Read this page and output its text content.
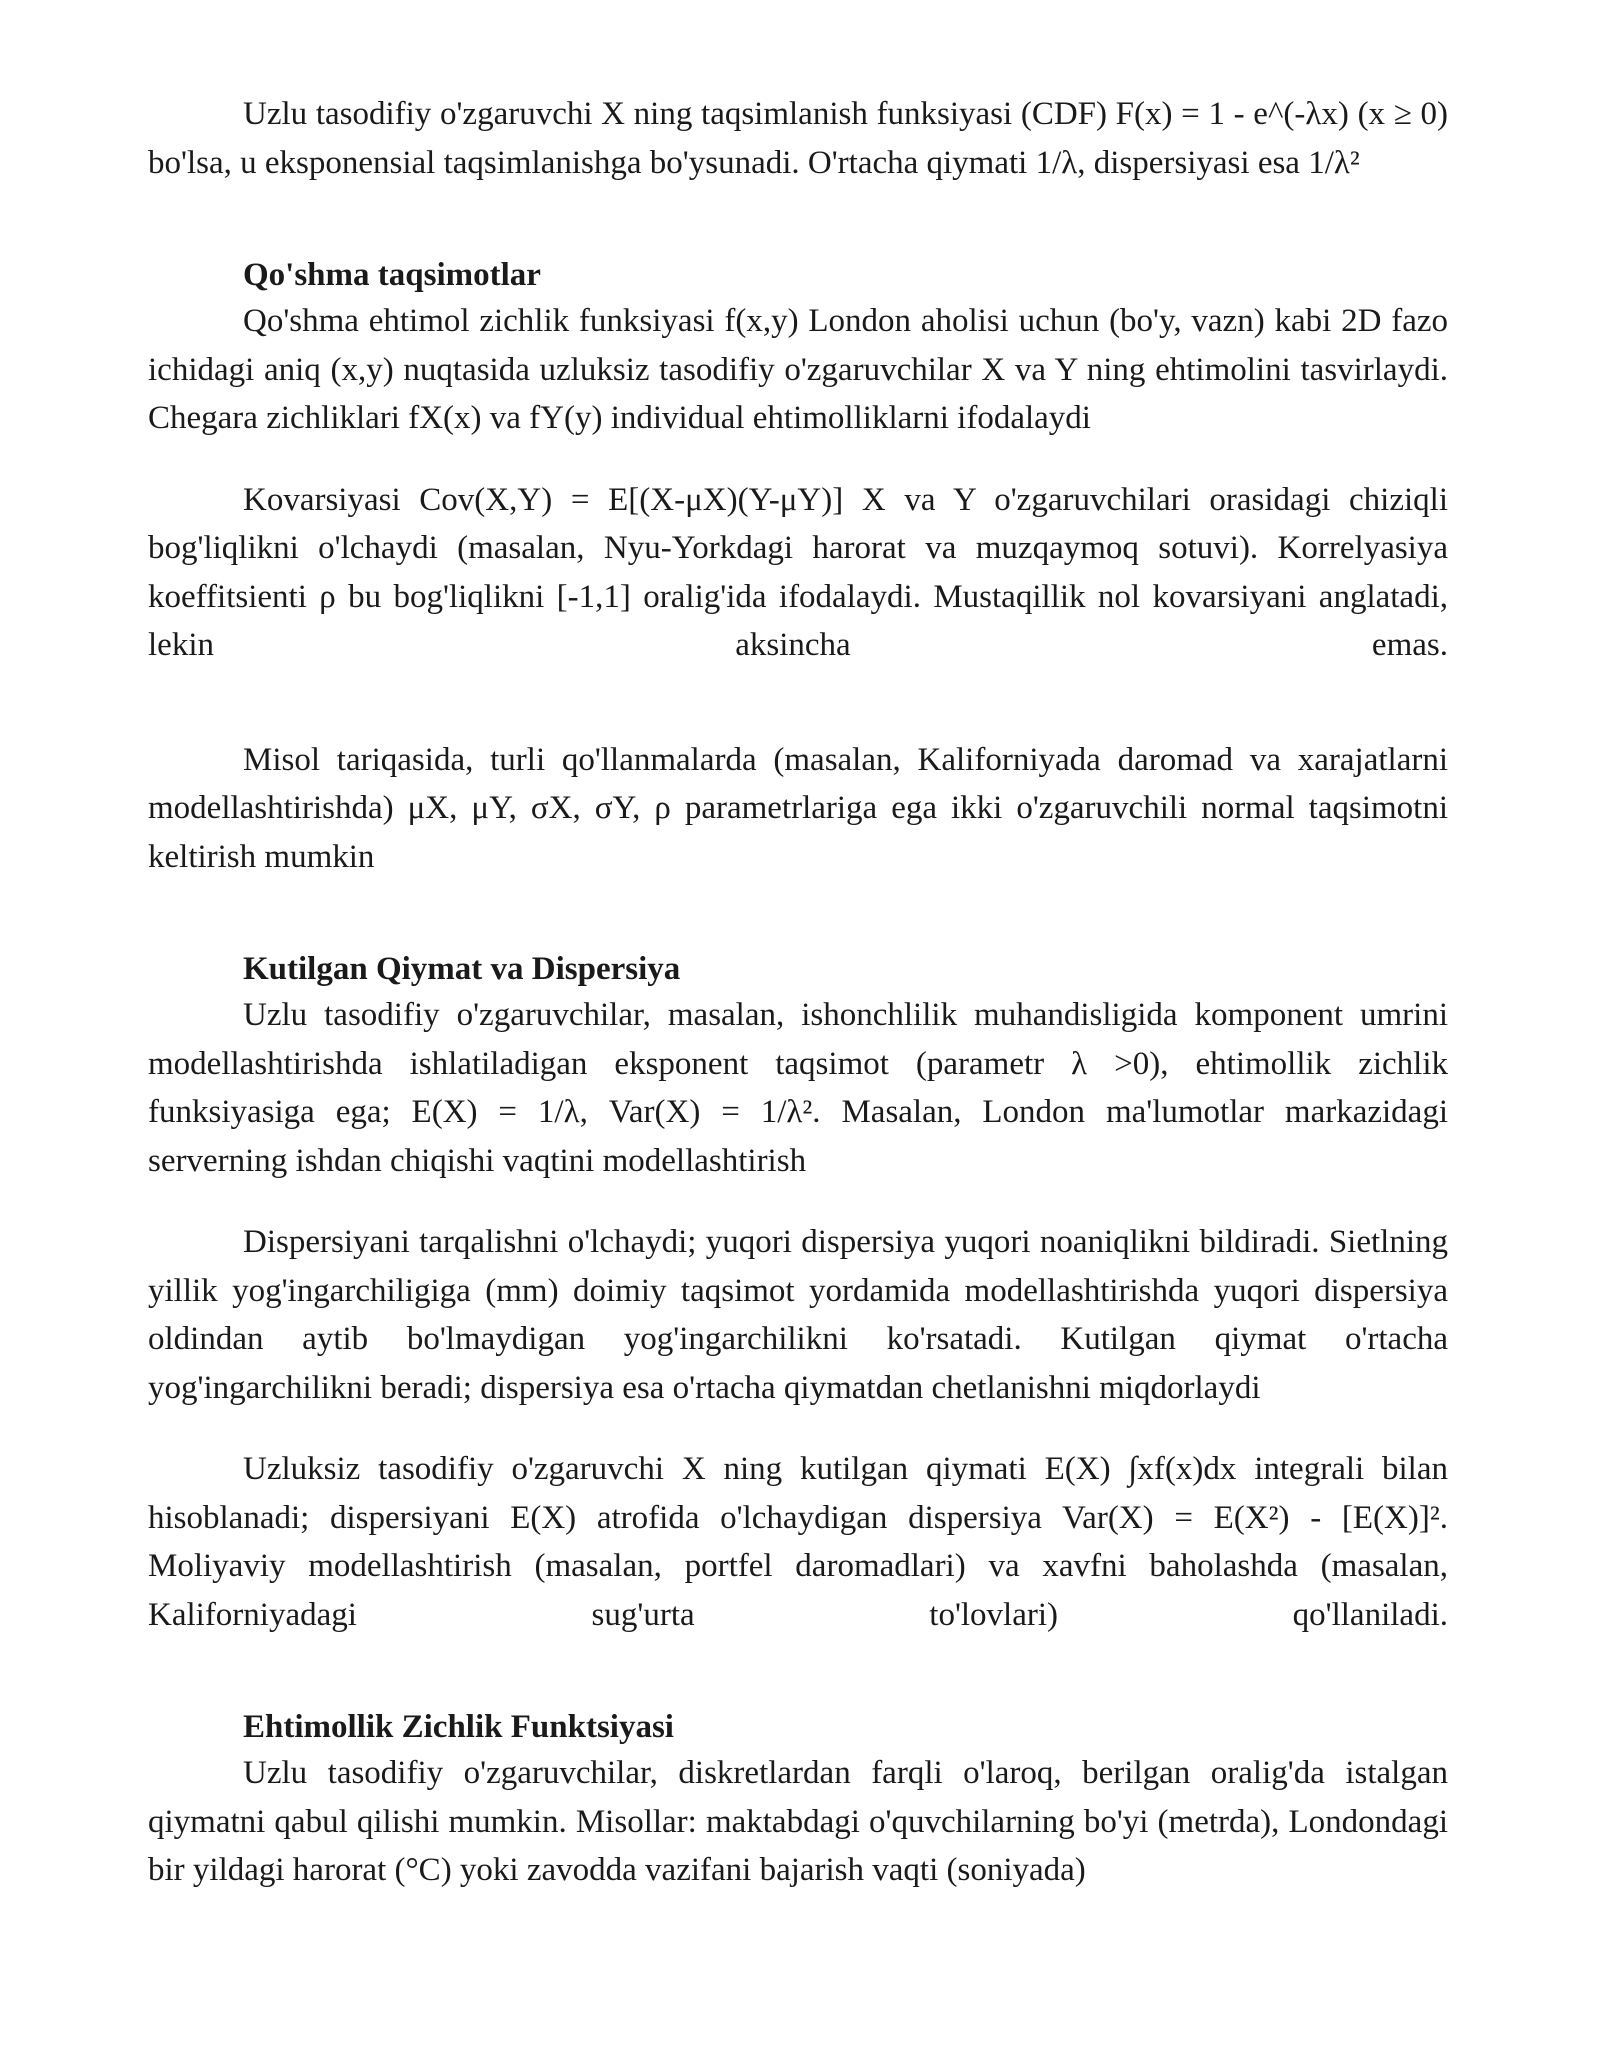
Uzlu tasodifiy o'zgaruvchi X ning taqsimlanish funksiyasi (CDF) F(x) = 1 - e^(-λx) (x ≥ 0) bo'lsa, u eksponensial taqsimlanishga bo'ysunadi. O'rtacha qiymati 1/λ, dispersiyasi esa 1/λ²

Qo'shma taqsimotlar

Qo'shma ehtimol zichlik funksiyasi f(x,y) London aholisi uchun (bo'y, vazn) kabi 2D fazo ichidagi aniq (x,y) nuqtasida uzluksiz tasodifiy o'zgaruvchilar X va Y ning ehtimolini tasvirlaydi. Chegara zichliklari fX(x) va fY(y) individual ehtimolliklarni ifodalaydi

Kovarsiyasi Cov(X,Y) = E[(X-μX)(Y-μY)] X va Y o'zgaruvchilari orasidagi chiziqli bog'liqlikni o'lchaydi (masalan, Nyu-Yorkdagi harorat va muzqaymoq sotuvi). Korrelyasiya koeffitsienti ρ bu bog'liqlikni [-1,1] oralig'ida ifodalaydi. Mustaqillik nol kovarsiyani anglatadi, lekin aksincha emas.

Misol tariqasida, turli qo'llanmalarda (masalan, Kaliforniyada daromad va xarajatlarni modellashtirishda) μX, μY, σX, σY, ρ parametrlariga ega ikki o'zgaruvchili normal taqsimotni keltirish mumkin

Kutilgan Qiymat va Dispersiya

Uzlu tasodifiy o'zgaruvchilar, masalan, ishonchlilik muhandisligida komponent umrini modellashtirishda ishlatiladigan eksponent taqsimot (parametr λ >0), ehtimollik zichlik funksiyasiga ega; E(X) = 1/λ, Var(X) = 1/λ². Masalan, London ma'lumotlar markazidagi serverning ishdan chiqishi vaqtini modellashtirish

Dispersiyani tarqalishni o'lchaydi; yuqori dispersiya yuqori noaniqlikni bildiradi. Sietlning yillik yog'ingarchiligiga (mm) doimiy taqsimot yordamida modellashtirishda yuqori dispersiya oldindan aytib bo'lmaydigan yog'ingarchilikni ko'rsatadi. Kutilgan qiymat o'rtacha yog'ingarchilikni beradi; dispersiya esa o'rtacha qiymatdan chetlanishni miqdorlaydi

Uzluksiz tasodifiy o'zgaruvchi X ning kutilgan qiymati E(X) ∫xf(x)dx integrali bilan hisoblanadi; dispersiyani E(X) atrofida o'lchaydigan dispersiya Var(X) = E(X²) - [E(X)]². Moliyaviy modellashtirish (masalan, portfel daromadlari) va xavfni baholashda (masalan, Kaliforniyadagi sug'urta to'lovlari) qo'llaniladi.

Ehtimollik Zichlik Funktsiyasi

Uzlu tasodifiy o'zgaruvchilar, diskretlardan farqli o'laroq, berilgan oralig'da istalgan qiymatni qabul qilishi mumkin. Misollar: maktabdagi o'quvchilarning bo'yi (metrda), Londondagi bir yildagi harorat (°C) yoki zavodda vazifani bajarish vaqti (soniyada)
